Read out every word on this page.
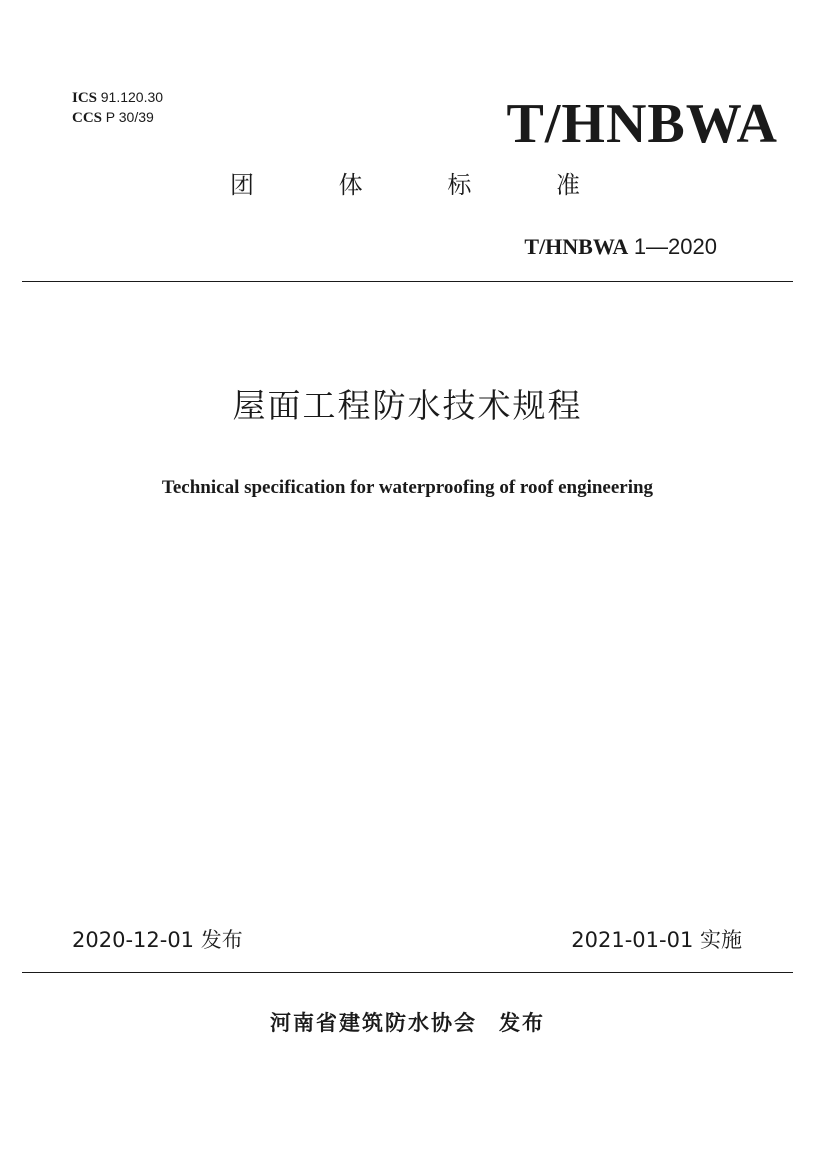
ICS 91.120.30
CCS P 30/39	T/HNBWA
团	体	标	准
T/HNBWA 1—2020
屋面工程防水技术规程
Technical specification for waterproofing of roof engineering
2020-12-01 发布	2021-01-01 实施
河南省建筑防水协会 发布
